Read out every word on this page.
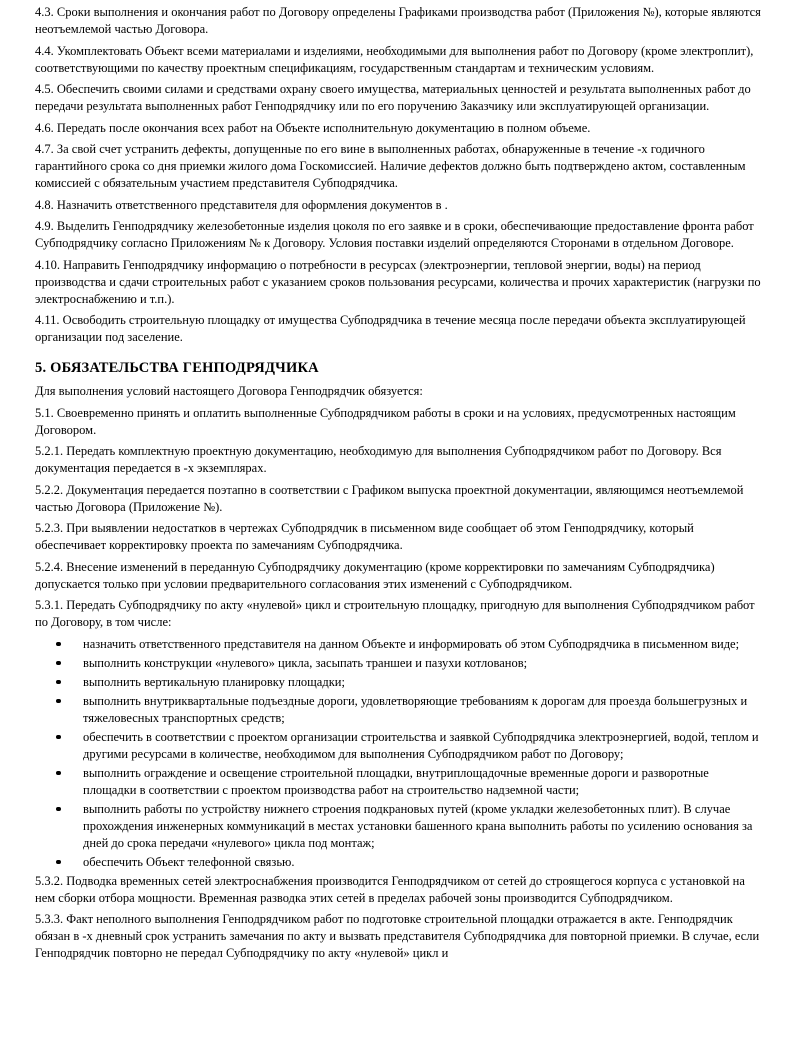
4.3. Сроки выполнения и окончания работ по Договору определены Графиками производства работ (Приложения №), которые являются неотъемлемой частью Договора.

4.4. Укомплектовать Объект всеми материалами и изделиями, необходимыми для выполнения работ по Договору (кроме электроплит), соответствующими по качеству проектным спецификациям, государственным стандартам и техническим условиям.

4.5. Обеспечить своими силами и средствами охрану своего имущества, материальных ценностей и результата выполненных работ до передачи результата выполненных работ Генподрядчику или по его поручению Заказчику или эксплуатирующей организации.

4.6. Передать после окончания всех работ на Объекте исполнительную документацию в полном объеме.

4.7. За свой счет устранить дефекты, допущенные по его вине в выполненных работах, обнаруженные в течение -х годичного гарантийного срока со дня приемки жилого дома Госкомиссией. Наличие дефектов должно быть подтверждено актом, составленным комиссией с обязательным участием представителя Субподрядчика.

4.8. Назначить ответственного представителя для оформления документов в .

4.9. Выделить Генподрядчику железобетонные изделия цоколя по его заявке и в сроки, обеспечивающие предоставление фронта работ Субподрядчику согласно Приложениям № к Договору. Условия поставки изделий определяются Сторонами в отдельном Договоре.

4.10. Направить Генподрядчику информацию о потребности в ресурсах (электроэнергии, тепловой энергии, воды) на период производства и сдачи строительных работ с указанием сроков пользования ресурсами, количества и прочих характеристик (нагрузки по электроснабжению и т.п.).

4.11. Освободить строительную площадку от имущества Субподрядчика в течение месяца после передачи объекта эксплуатирующей организации под заселение.

5. ОБЯЗАТЕЛЬСТВА ГЕНПОДРЯДЧИКА

Для выполнения условий настоящего Договора Генподрядчик обязуется:

5.1. Своевременно принять и оплатить выполненные Субподрядчиком работы в сроки и на условиях, предусмотренных настоящим Договором.

5.2.1. Передать комплектную проектную документацию, необходимую для выполнения Субподрядчиком работ по Договору. Вся документация передается в -х экземплярах.

5.2.2. Документация передается поэтапно в соответствии с Графиком выпуска проектной документации, являющимся неотъемлемой частью Договора (Приложение №).

5.2.3. При выявлении недостатков в чертежах Субподрядчик в письменном виде сообщает об этом Генподрядчику, который обеспечивает корректировку проекта по замечаниям Субподрядчика.

5.2.4. Внесение изменений в переданную Субподрядчику документацию (кроме корректировки по замечаниям Субподрядчика) допускается только при условии предварительного согласования этих изменений с Субподрядчиком.

5.3.1. Передать Субподрядчику по акту «нулевой» цикл и строительную площадку, пригодную для выполнения Субподрядчиком работ по Договору, в том числе:

назначить ответственного представителя на данном Объекте и информировать об этом Субподрядчика в письменном виде;
выполнить конструкции «нулевого» цикла, засыпать траншеи и пазухи котлованов;
выполнить вертикальную планировку площадки;
выполнить внутриквартальные подъездные дороги, удовлетворяющие требованиям к дорогам для проезда большегрузных и тяжеловесных транспортных средств;
обеспечить в соответствии с проектом организации строительства и заявкой Субподрядчика электроэнергией, водой, теплом и другими ресурсами в количестве, необходимом для выполнения Субподрядчиком работ по Договору;
выполнить ограждение и освещение строительной площадки, внутриплощадочные временные дороги и разворотные площадки в соответствии с проектом производства работ на строительство надземной части;
выполнить работы по устройству нижнего строения подкрановых путей (кроме укладки железобетонных плит). В случае прохождения инженерных коммуникаций в местах установки башенного крана выполнить работы по усилению основания за дней до срока передачи «нулевого» цикла под монтаж;
обеспечить Объект телефонной связью.

5.3.2. Подводка временных сетей электроснабжения производится Генподрядчиком от сетей до строящегося корпуса с установкой на нем сборки отбора мощности. Временная разводка этих сетей в пределах рабочей зоны производится Субподрядчиком.

5.3.3. Факт неполного выполнения Генподрядчиком работ по подготовке строительной площадки отражается в акте. Генподрядчик обязан в -х дневный срок устранить замечания по акту и вызвать представителя Субподрядчика для повторной приемки. В случае, если Генподрядчик повторно не передал Субподрядчику по акту «нулевой» цикл и
